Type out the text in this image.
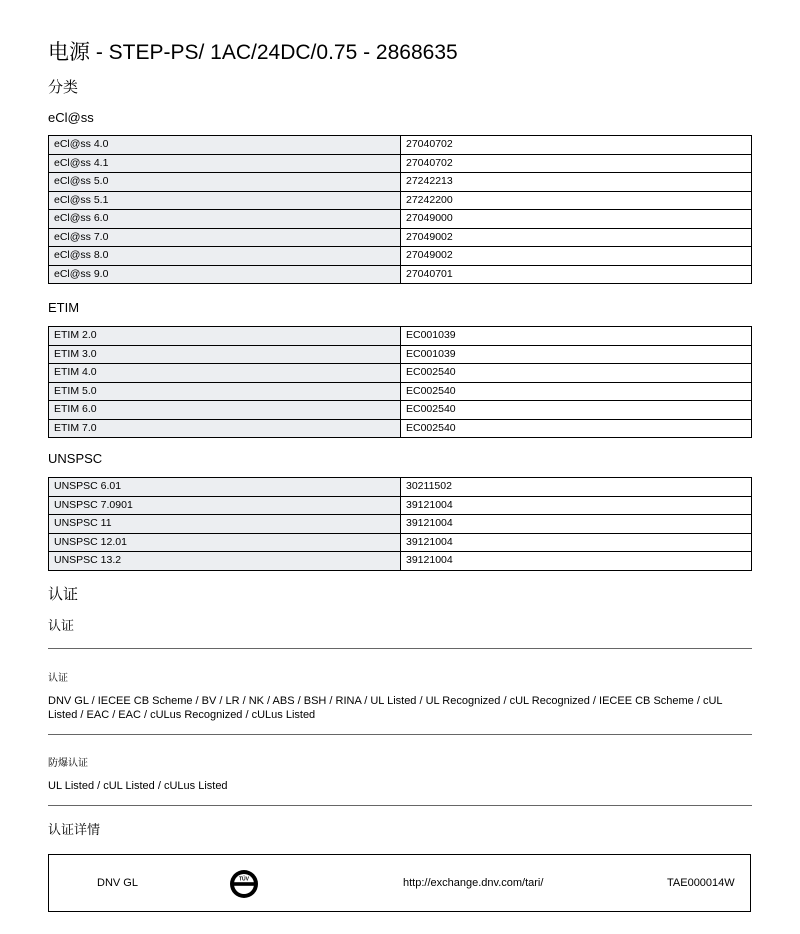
电源 - STEP-PS/ 1AC/24DC/0.75 - 2868635
分类
eCl@ss
eCl@ss 4.0	27040702
eCl@ss 4.1	27040702
eCl@ss 5.0	27242213
eCl@ss 5.1	27242200
eCl@ss 6.0	27049000
eCl@ss 7.0	27049002
eCl@ss 8.0	27049002
eCl@ss 9.0	27040701
ETIM
ETIM 2.0	EC001039
ETIM 3.0	EC001039
ETIM 4.0	EC002540
ETIM 5.0	EC002540
ETIM 6.0	EC002540
ETIM 7.0	EC002540
UNSPSC
UNSPSC 6.01	30211502
UNSPSC 7.0901	39121004
UNSPSC 11	39121004
UNSPSC 12.01	39121004
UNSPSC 13.2	39121004
认证
认证
认证
DNV GL / IECEE CB Scheme / BV / LR / NK / ABS / BSH / RINA / UL Listed / UL Recognized / cUL Recognized / IECEE CB Scheme / cUL Listed / EAC / EAC / cULus Recognized / cULus Listed
防爆认证
UL Listed / cUL Listed / cULus Listed
认证详情
DNV GL	TÜV	http://exchange.dnv.com/tari/	TAE000014W
